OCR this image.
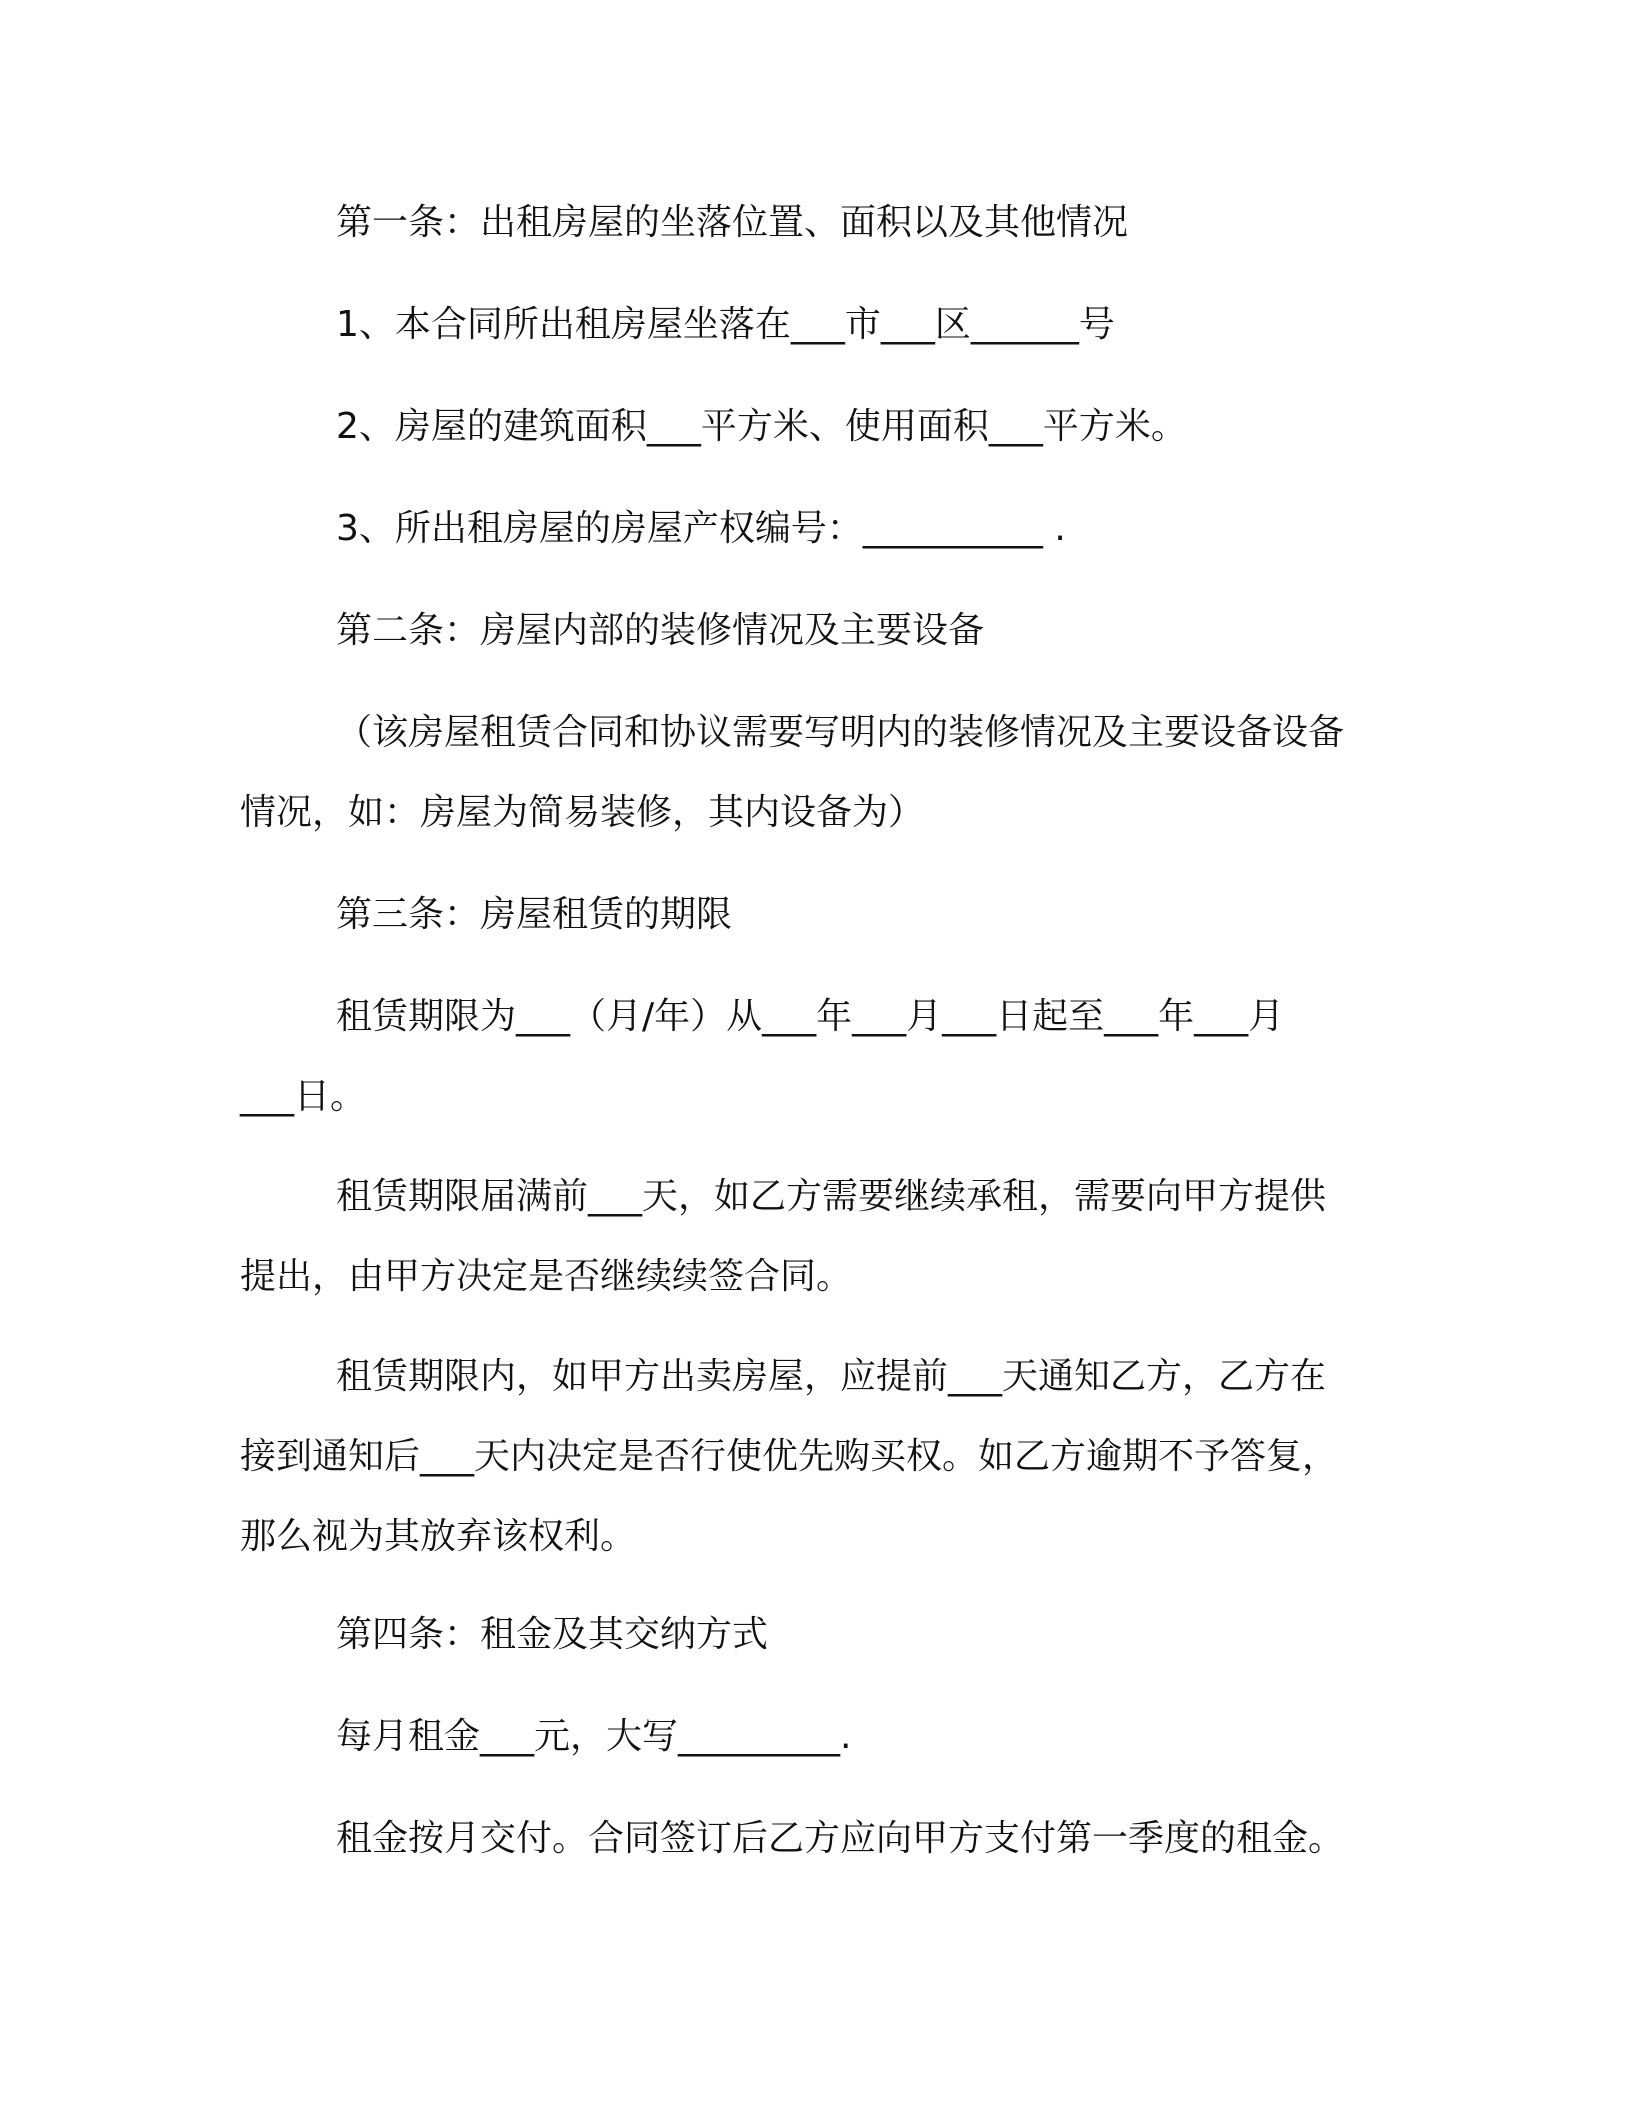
第一条：出租房屋的坐落位置、面积以及其他情况

1、本合同所出租房屋坐落在___市___区______号

2、房屋的建筑面积___平方米、使用面积___平方米。

3、所出租房屋的房屋产权编号：__________ .

第二条：房屋内部的装修情况及主要设备

（该房屋租赁合同和协议需要写明内的装修情况及主要设备设备
情况，如：房屋为简易装修，其内设备为）

第三条：房屋租赁的期限

租赁期限为___（月/年）从___年___月___日起至___年___月
___日。

租赁期限届满前___天，如乙方需要继续承租，需要向甲方提供
提出，由甲方决定是否继续续签合同。

租赁期限内，如甲方出卖房屋，应提前___天通知乙方，乙方在
接到通知后___天内决定是否行使优先购买权。如乙方逾期不予答复，
那么视为其放弃该权利。

第四条：租金及其交纳方式

每月租金___元，大写_________.

租金按月交付。合同签订后乙方应向甲方支付第一季度的租金。
